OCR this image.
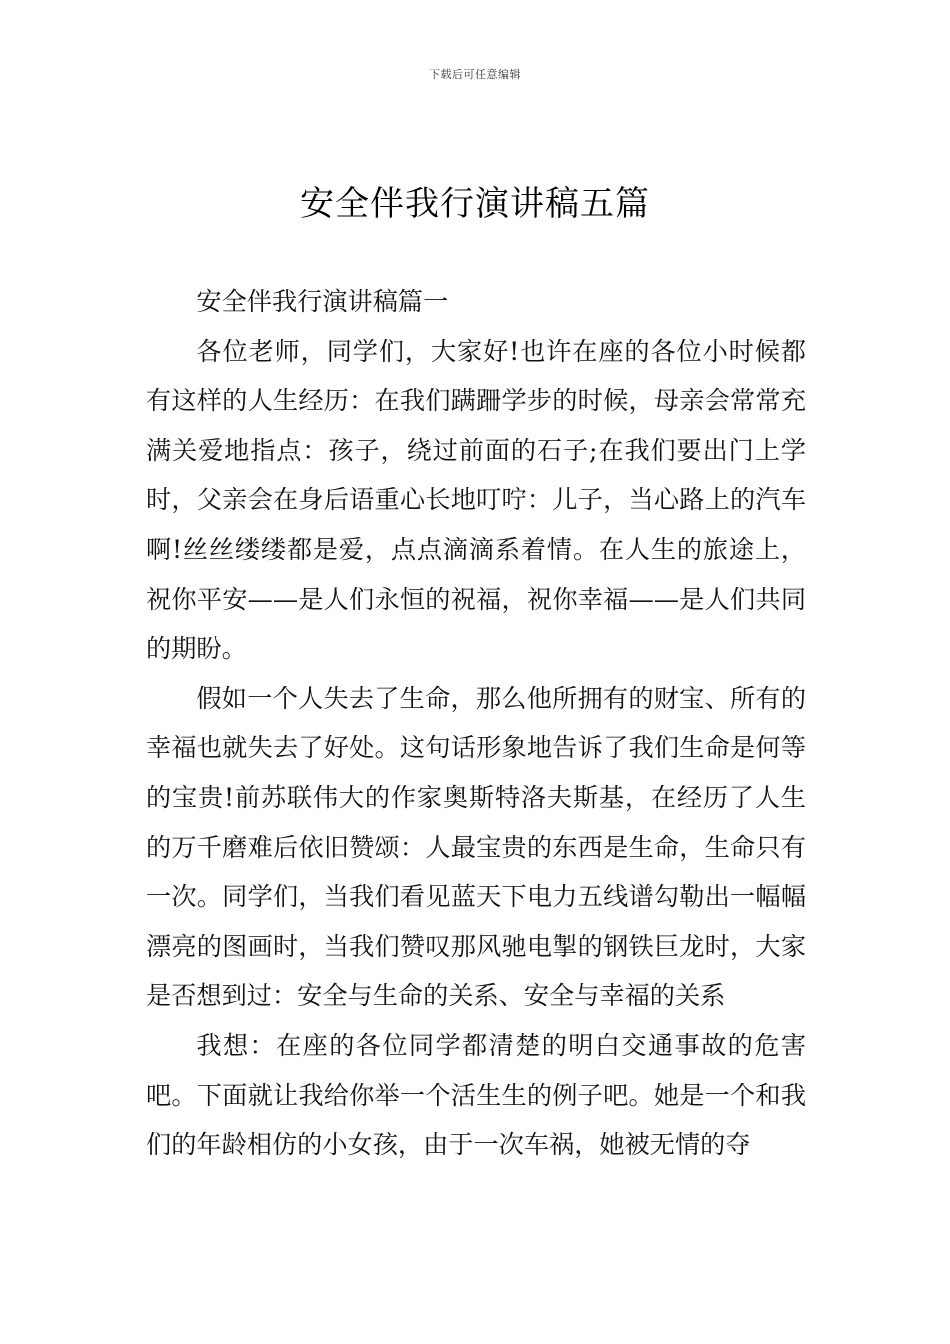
下载后可任意编辑
安全伴我行演讲稿五篇

安全伴我行演讲稿篇一

各位老师，同学们，大家好!也许在座的各位小时候都有这样的人生经历：在我们蹒跚学步的时候，母亲会常常充满关爱地指点：孩子，绕过前面的石子;在我们要出门上学时，父亲会在身后语重心长地叮咛：儿子，当心路上的汽车啊!丝丝缕缕都是爱，点点滴滴系着情。在人生的旅途上，祝你平安——是人们永恒的祝福，祝你幸福——是人们共同的期盼。

假如一个人失去了生命，那么他所拥有的财宝、所有的幸福也就失去了好处。这句话形象地告诉了我们生命是何等的宝贵!前苏联伟大的作家奥斯特洛夫斯基，在经历了人生的万千磨难后依旧赞颂：人最宝贵的东西是生命，生命只有一次。同学们，当我们看见蓝天下电力五线谱勾勒出一幅幅漂亮的图画时，当我们赞叹那风驰电掣的钢铁巨龙时，大家是否想到过：安全与生命的关系、安全与幸福的关系

我想：在座的各位同学都清楚的明白交通事故的危害吧。下面就让我给你举一个活生生的例子吧。她是一个和我们的年龄相仿的小女孩，由于一次车祸，她被无情的夺
